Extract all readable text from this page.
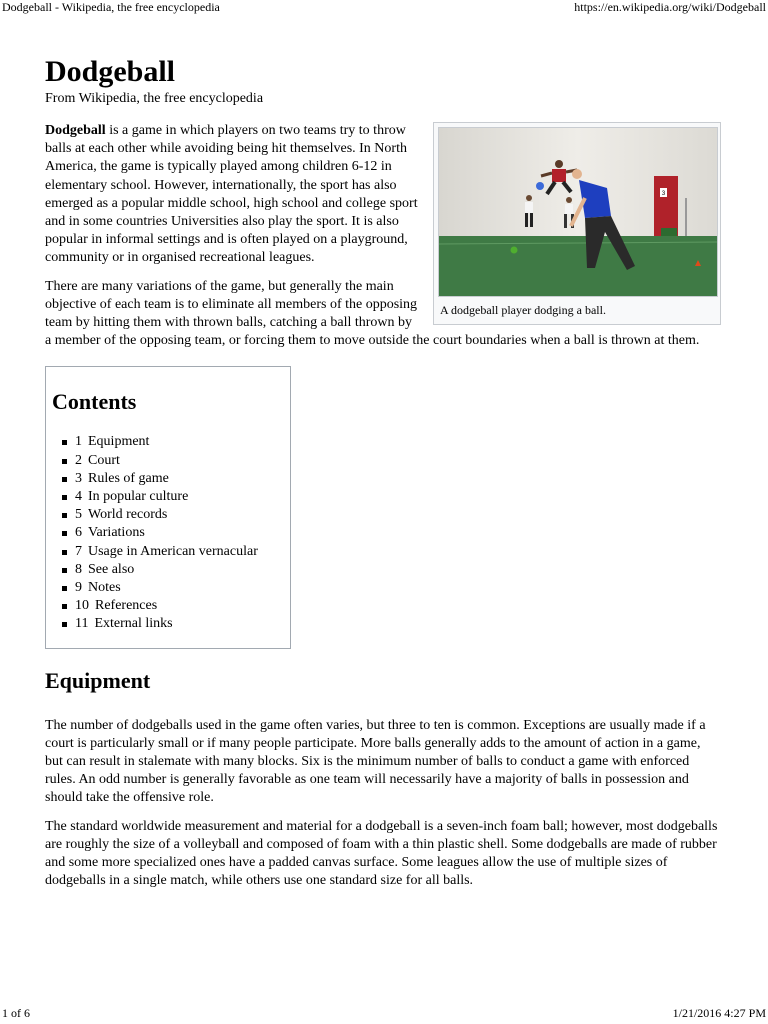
Dodgeball - Wikipedia, the free encyclopedia	https://en.wikipedia.org/wiki/Dodgeball
Dodgeball
From Wikipedia, the free encyclopedia
3
A dodgeball player dodging a ball.

Dodgeball is a game in which players on two teams try to throw balls at each other while avoiding being hit themselves. In North America, the game is typically played among children 6-12 in elementary school. However, internationally, the sport has also emerged as a popular middle school, high school and college sport and in some countries Universities also play the sport. It is also popular in informal settings and is often played on a playground, community or in organised recreational leagues.

There are many variations of the game, but generally the main objective of each team is to eliminate all members of the opposing team by hitting them with thrown balls, catching a ball thrown by a member of the opposing team, or forcing them to move outside the court boundaries when a ball is thrown at them.

Contents
1 Equipment
2 Court
3 Rules of game
4 In popular culture
5 World records
6 Variations
7 Usage in American vernacular
8 See also
9 Notes
10 References
11 External links
Equipment

The number of dodgeballs used in the game often varies, but three to ten is common. Exceptions are usually made if a court is particularly small or if many people participate. More balls generally adds to the amount of action in a game, but can result in stalemate with many blocks. Six is the minimum number of balls to conduct a game with enforced rules. An odd number is generally favorable as one team will necessarily have a majority of balls in possession and should take the offensive role.

The standard worldwide measurement and material for a dodgeball is a seven-inch foam ball; however, most dodgeballs are roughly the size of a volleyball and composed of foam with a thin plastic shell. Some dodgeballs are made of rubber and some more specialized ones have a padded canvas surface. Some leagues allow the use of multiple sizes of dodgeballs in a single match, while others use one standard size for all balls.

1 of 6	1/21/2016 4:27 PM
